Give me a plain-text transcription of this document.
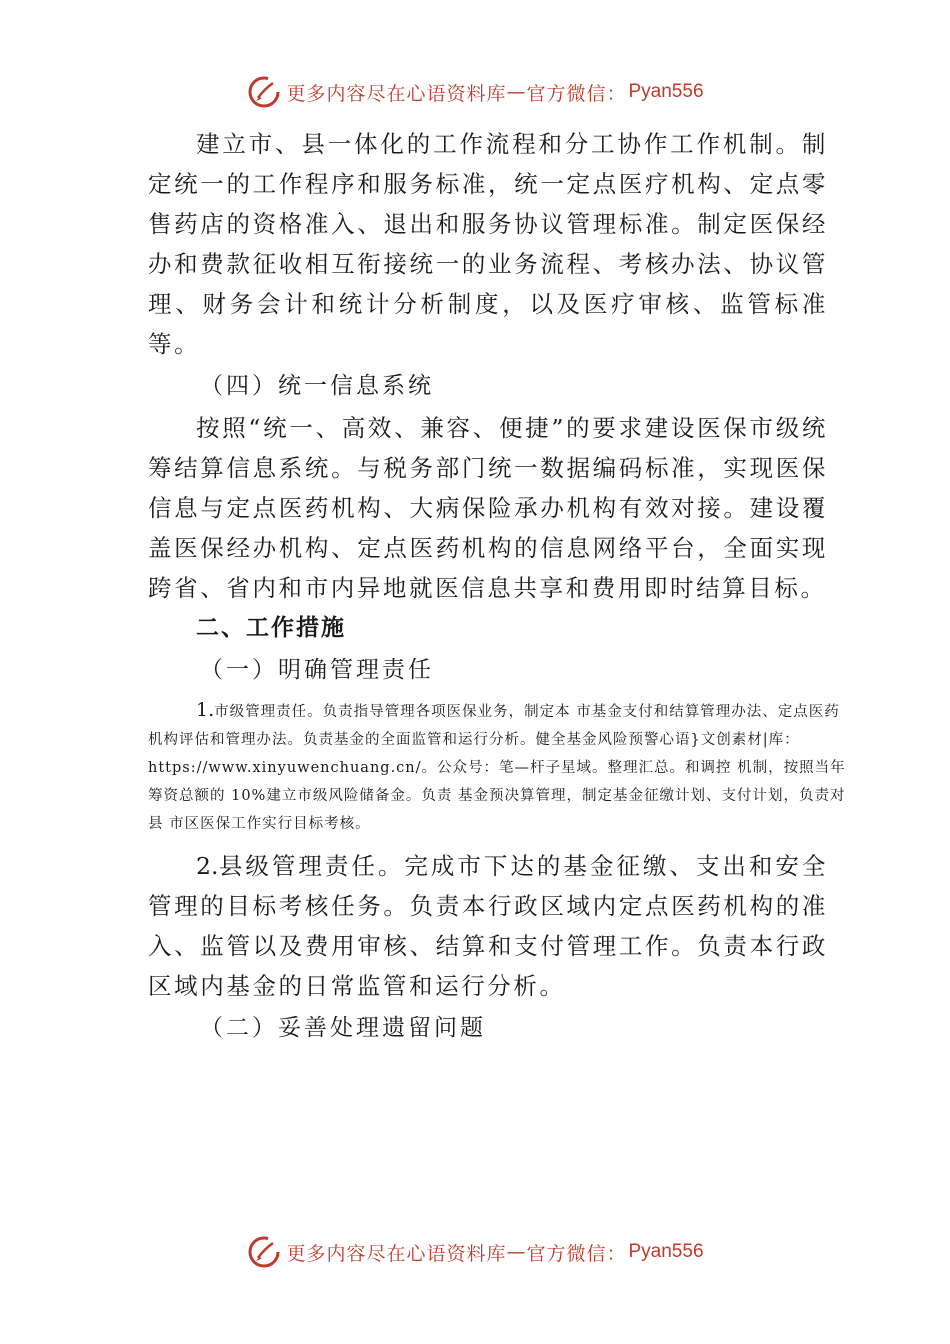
更多内容尽在心语资料库 — 官方微信： Pyan556

建立市、县一体化的工作流程和分工协作工作机制。制定统一的工作程序和服务标准，统一定点医疗机构、定点零售药店的资格准入、退出和服务协议管理标准。制定医保经办和费款征收相互衔接统一的业务流程、考核办法、协议管理、财务会计和统计分析制度，以及医疗审核、监管标准等。

（四）统一信息系统

按照“统一、高效、兼容、便捷”的要求建设医保市级统筹结算信息系统。与税务部门统一数据编码标准，实现医保信息与定点医药机构、大病保险承办机构有效对接。建设覆盖医保经办机构、定点医药机构的信息网络平台，全面实现跨省、省内和市内异地就医信息共享和费用即时结算目标。

二、工作措施
（一）明确管理责任

1.市级管理责任。负责指导管理各项医保业务，制定本 市基金支付和结算管理办法、定点医药机构评估和管理办法。负责基金的全面监管和运行分析。健全基金风险预警心语}文创素材|库：https://www.xinyuwenchuang.cn/。公众号：笔—杆子星域。整理汇总。和调控 机制，按照当年筹资总额的 10%建立市级风险储备金。负责 基金预决算管理，制定基金征缴计划、支付计划，负责对县 市区医保工作实行目标考核。

2.县级管理责任。完成市下达的基金征缴、支出和安全管理的目标考核任务。负责本行政区域内定点医药机构的准入、监管以及费用审核、结算和支付管理工作。负责本行政区域内基金的日常监管和运行分析。

（二）妥善处理遗留问题
更多内容尽在心语资料库 — 官方微信： Pyan556
